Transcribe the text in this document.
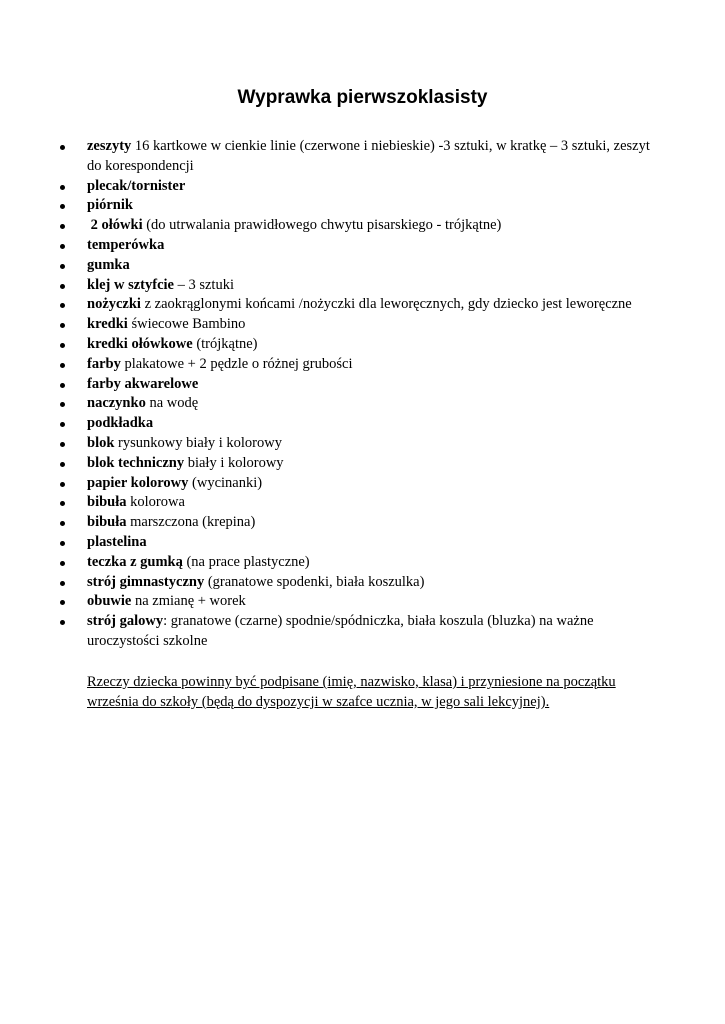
Wyprawka pierwszoklasisty
zeszyty 16 kartkowe w cienkie linie (czerwone i niebieskie) -3 sztuki, w kratkę – 3 sztuki, zeszyt do korespondencji
plecak/tornister
piórnik
2 ołówki (do utrwalania prawidłowego chwytu pisarskiego - trójkątne)
temperówka
gumka
klej w sztyfcie – 3 sztuki
nożyczki z zaokrąglonymi końcami /nożyczki dla leworęcznych, gdy dziecko jest leworęczne
kredki świecowe Bambino
kredki ołówkowe (trójkątne)
farby plakatowe + 2 pędzle o różnej grubości
farby akwarelowe
naczynko na wodę
podkładka
blok rysunkowy biały i kolorowy
blok techniczny biały i kolorowy
papier kolorowy (wycinanki)
bibuła kolorowa
bibuła marszczona (krepina)
plastelina
teczka z gumką (na prace plastyczne)
strój gimnastyczny (granatowe spodenki, biała koszulka)
obuwie na zmianę + worek
strój galowy: granatowe (czarne) spodnie/spódniczka, biała koszula (bluzka) na ważne uroczystości szkolne

Rzeczy dziecka powinny być podpisane (imię, nazwisko, klasa) i przyniesione na początku września do szkoły (będą do dyspozycji w szafce ucznia, w jego sali lekcyjnej).
